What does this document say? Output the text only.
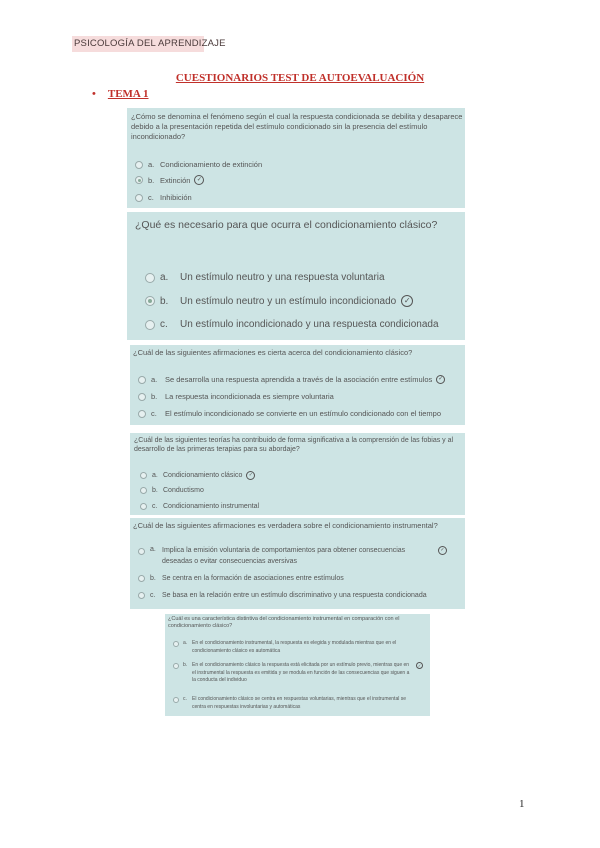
PSICOLOGÍA DEL APRENDIZAJE
CUESTIONARIOS TEST DE AUTOEVALUACIÓN
• TEMA 1
¿Cómo se denomina el fenómeno según el cual la respuesta condicionada se debilita y desaparece debido a la presentación repetida del estímulo condicionado sin la presencia del estímulo incondicionado?
a. Condicionamiento de extinción
b. Extinción	✓
c. Inhibición
¿Qué es necesario para que ocurra el condicionamiento clásico?
a.	Un estímulo neutro y una respuesta voluntaria
b.	Un estímulo neutro y un estímulo incondicionado ✓
c.	Un estímulo incondicionado y una respuesta condicionada
¿Cuál de las siguientes afirmaciones es cierta acerca del condicionamiento clásico?
a.	Se desarrolla una respuesta aprendida a través de la asociación entre estímulos ✓
b.	La respuesta incondicionada es siempre voluntaria
c.	El estímulo incondicionado se convierte en un estímulo condicionado con el tiempo
¿Cuál de las siguientes teorías ha contribuido de forma significativa a la comprensión de las fobias y al desarrollo de las primeras terapias para su abordaje?
a. Condicionamiento clásico	✓
b. Conductismo
c. Condicionamiento instrumental
¿Cuál de las siguientes afirmaciones es verdadera sobre el condicionamiento instrumental?
a. Implica la emisión voluntaria de comportamientos para obtener consecuencias deseadas o evitar consecuencias aversivas
✓
b. Se centra en la formación de asociaciones entre estímulos
c. Se basa en la relación entre un estímulo discriminativo y una respuesta condicionada
¿Cuál es una característica distintiva del condicionamiento instrumental en comparación con el condicionamiento clásico?
a. En el condicionamiento instrumental, la respuesta es elegida y modulada mientras que en el condicionamiento clásico es automática
b. En el condicionamiento clásico la respuesta está elicitada por un estímulo previo, mientras que en el instrumental la respuesta es emitida y se modula en función de las consecuencias que siguen a la conducta del individuo
✓
c.	El condicionamiento clásico se centra en respuestas voluntarias, mientras que el instrumental se centra en respuestas involuntarias y automáticas
1
